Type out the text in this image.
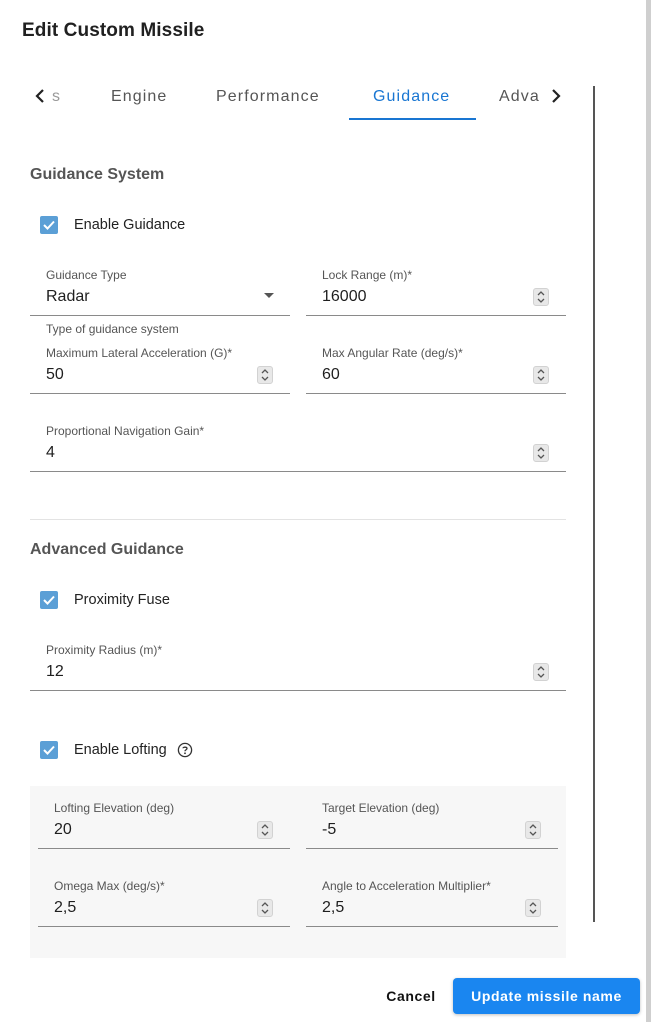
Edit Custom Missile
s	Engine	Performance	Guidance	Adva
Guidance System
Enable Guidance
Guidance Type
Radar
Type of guidance system
Lock Range (m)*
16000
Maximum Lateral Acceleration (G)*
50
Max Angular Rate (deg/s)*
60
Proportional Navigation Gain*
4
Advanced Guidance
Proximity Fuse
Proximity Radius (m)*
12
Enable Lofting
Lofting Elevation (deg)
20
Target Elevation (deg)
-5
Omega Max (deg/s)*
2,5
Angle to Acceleration Multiplier*
2,5
Cancel	Update missile name
